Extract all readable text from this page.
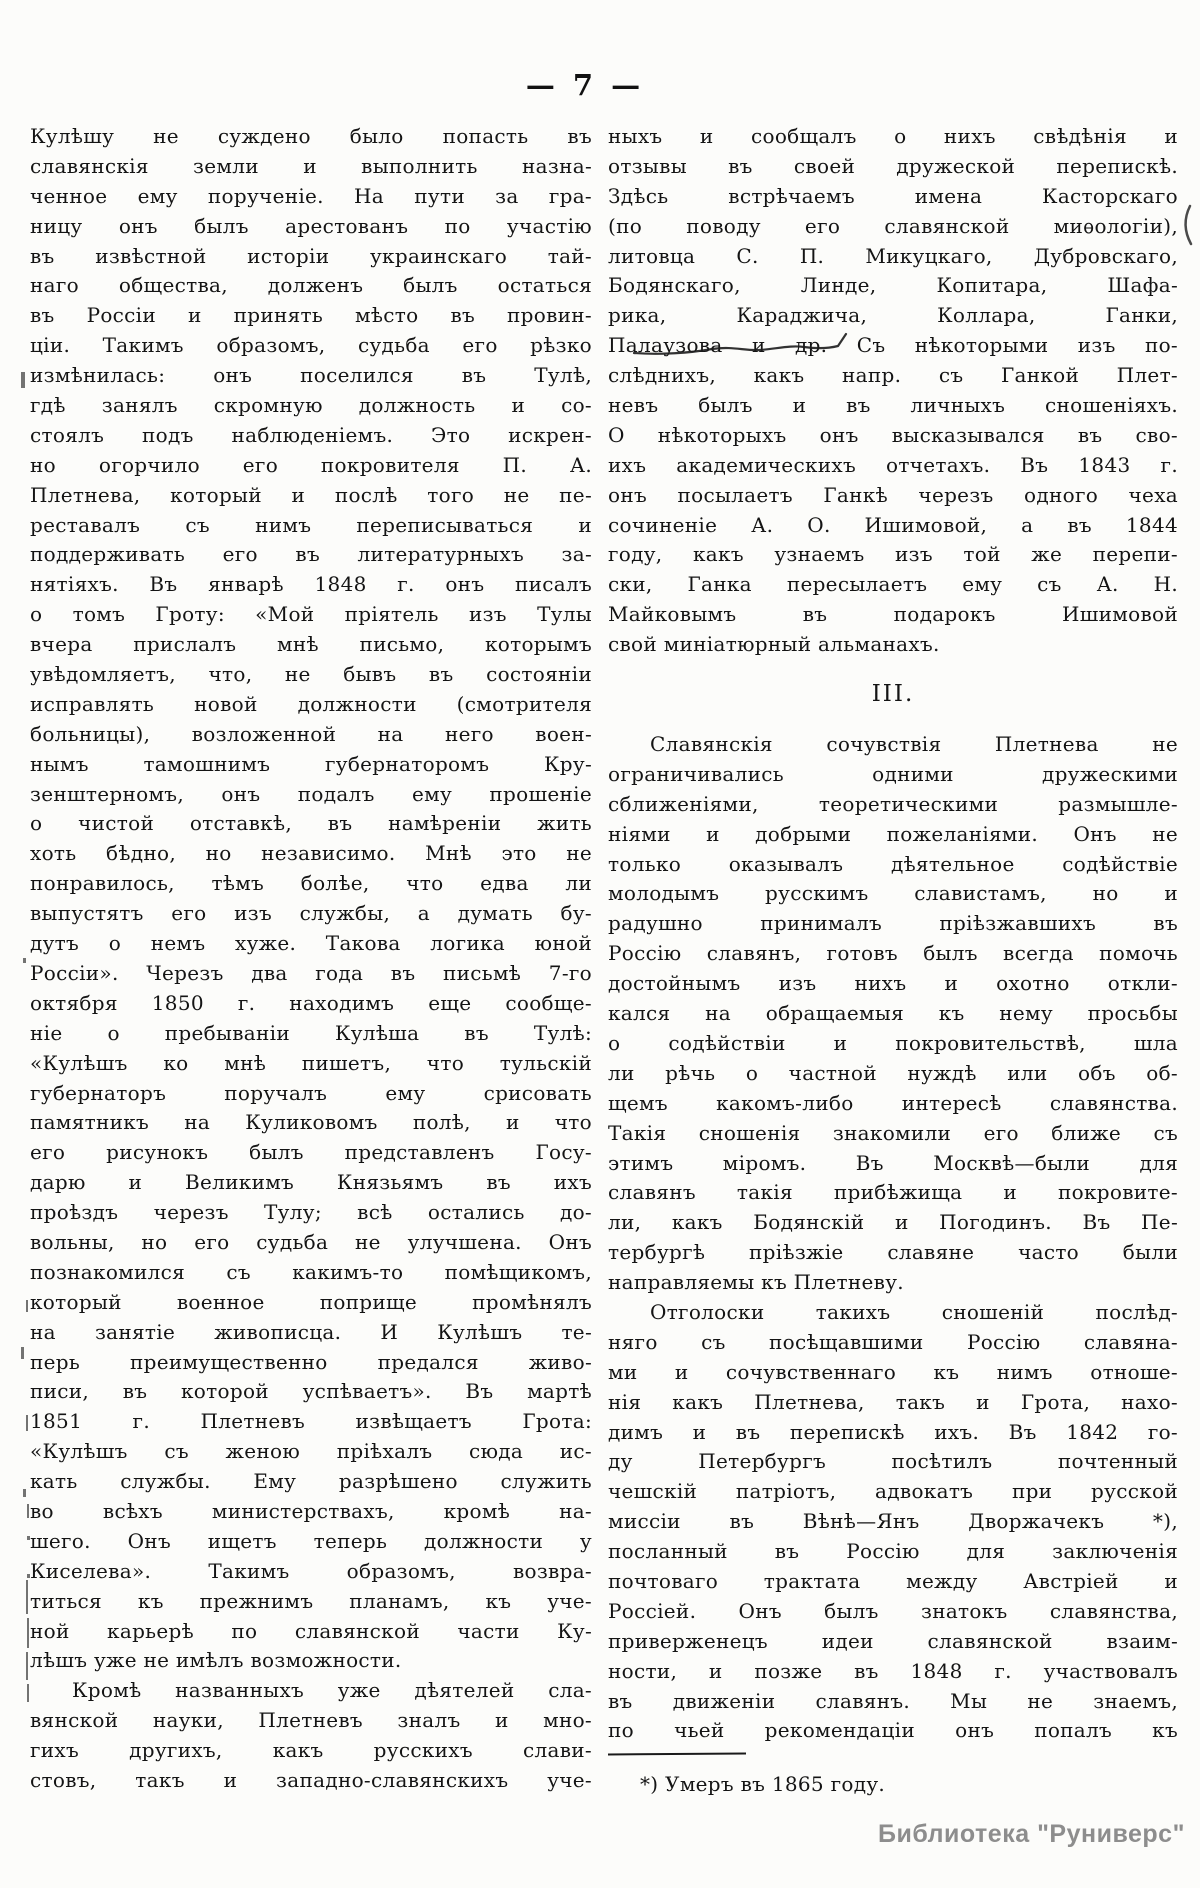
— 7 —
Кулѣшу не суждено было попасть въ
славянскія земли и выполнить назна-
ченное ему порученіе. На пути за гра-
ницу онъ былъ арестованъ по участію
въ извѣстной исторіи украинскаго тай-
наго общества, долженъ былъ остаться
въ Россіи и принять мѣсто въ провин-
ціи. Такимъ образомъ, судьба его рѣзко
измѣнилась: онъ поселился въ Тулѣ,
гдѣ занялъ скромную должность и со-
стоялъ подъ наблюденіемъ. Это искрен-
но огорчило его покровителя П. А.
Плетнева, который и послѣ того не пе-
реставалъ съ нимъ переписываться и
поддерживать его въ литературныхъ за-
нятіяхъ. Въ январѣ 1848 г. онъ писалъ
о томъ Гроту: «Мой пріятель изъ Тулы
вчера прислалъ мнѣ письмо, которымъ
увѣдомляетъ, что, не бывъ въ состояніи
исправлять новой должности (смотрителя
больницы), возложенной на него воен-
нымъ тамошнимъ губернаторомъ Кру-
зенштерномъ, онъ подалъ ему прошеніе
о чистой отставкѣ, въ намѣреніи жить
хоть бѣдно, но независимо. Мнѣ это не
понравилось, тѣмъ болѣе, что едва ли
выпустятъ его изъ службы, а думать бу-
дутъ о немъ хуже. Такова логика юной
Россіи». Черезъ два года въ письмѣ 7-го
октября 1850 г. находимъ еще сообще-
ніе о пребываніи Кулѣша въ Тулѣ:
«Кулѣшъ ко мнѣ пишетъ, что тульскій
губернаторъ поручалъ ему срисовать
памятникъ на Куликовомъ полѣ, и что
его рисунокъ былъ представленъ Госу-
дарю и Великимъ Князьямъ въ ихъ
проѣздъ черезъ Тулу; всѣ остались до-
вольны, но его судьба не улучшена. Онъ
познакомился съ какимъ-то помѣщикомъ,
который военное поприще промѣнялъ
на занятіе живописца. И Кулѣшъ те-
перь преимущественно предался живо-
писи, въ которой успѣваетъ». Въ мартѣ
1851 г. Плетневъ извѣщаетъ Грота:
«Кулѣшъ съ женою пріѣхалъ сюда ис-
кать службы. Ему разрѣшено служить
во всѣхъ министерствахъ, кромѣ на-
шего. Онъ ищетъ теперь должности у
Киселева». Такимъ образомъ, возвра-
титься къ прежнимъ планамъ, къ уче-
ной карьерѣ по славянской части Ку-
лѣшъ уже не имѣлъ возможности.
Кромѣ названныхъ уже дѣятелей сла-
вянской науки, Плетневъ зналъ и мно-
гихъ другихъ, какъ русскихъ слави-
стовъ, такъ и западно-славянскихъ уче-
ныхъ и сообщалъ о нихъ свѣдѣнія и
отзывы въ своей дружеской перепискѣ.
Здѣсь встрѣчаемъ имена Касторскаго
(по поводу его славянской миѳологіи),
литовца С. П. Микуцкаго, Дубровскаго,
Бодянскаго, Линде, Копитара, Шафа-
рика, Караджича, Коллара, Ганки,
Палаузова и др. Съ нѣкоторыми изъ по-
слѣднихъ, какъ напр. съ Ганкой Плет-
невъ былъ и въ личныхъ сношеніяхъ.
О нѣкоторыхъ онъ высказывался въ сво-
ихъ академическихъ отчетахъ. Въ 1843 г.
онъ посылаетъ Ганкѣ черезъ одного чеха
сочиненіе А. О. Ишимовой, а въ 1844
году, какъ узнаемъ изъ той же перепи-
ски, Ганка пересылаетъ ему съ А. Н.
Майковымъ въ подарокъ Ишимовой
свой миніатюрный альманахъ.
III.
Славянскія сочувствія Плетнева не
ограничивались одними дружескими
сближеніями, теоретическими размышле-
ніями и добрыми пожеланіями. Онъ не
только оказывалъ дѣятельное содѣйствіе
молодымъ русскимъ славистамъ, но и
радушно принималъ пріѣзжавшихъ въ
Россію славянъ, готовъ былъ всегда помочь
достойнымъ изъ нихъ и охотно откли-
кался на обращаемыя къ нему просьбы
о содѣйствіи и покровительствѣ, шла
ли рѣчь о частной нуждѣ или объ об-
щемъ какомъ-либо интересѣ славянства.
Такія сношенія знакомили его ближе съ
этимъ міромъ. Въ Москвѣ—были для
славянъ такія прибѣжища и покровите-
ли, какъ Бодянскій и Погодинъ. Въ Пе-
тербургѣ пріѣзжіе славяне часто были
направляемы къ Плетневу.
Отголоски такихъ сношеній послѣд-
няго съ посѣщавшими Россію славяна-
ми и сочувственнаго къ нимъ отноше-
нія какъ Плетнева, такъ и Грота, нахо-
димъ и въ перепискѣ ихъ. Въ 1842 го-
ду Петербургъ посѣтилъ почтенный
чешскій патріотъ, адвокатъ при русской
миссіи въ Вѣнѣ—Янъ Дворжачекъ *),
посланный въ Россію для заключенія
почтоваго трактата между Австріей и
Россіей. Онъ былъ знатокъ славянства,
приверженецъ идеи славянской взаим-
ности, и позже въ 1848 г. участвовалъ
въ движеніи славянъ. Мы не знаемъ,
по чьей рекомендаціи онъ попалъ къ
*) Умеръ въ 1865 году.
Библиотека "Руниверс"
